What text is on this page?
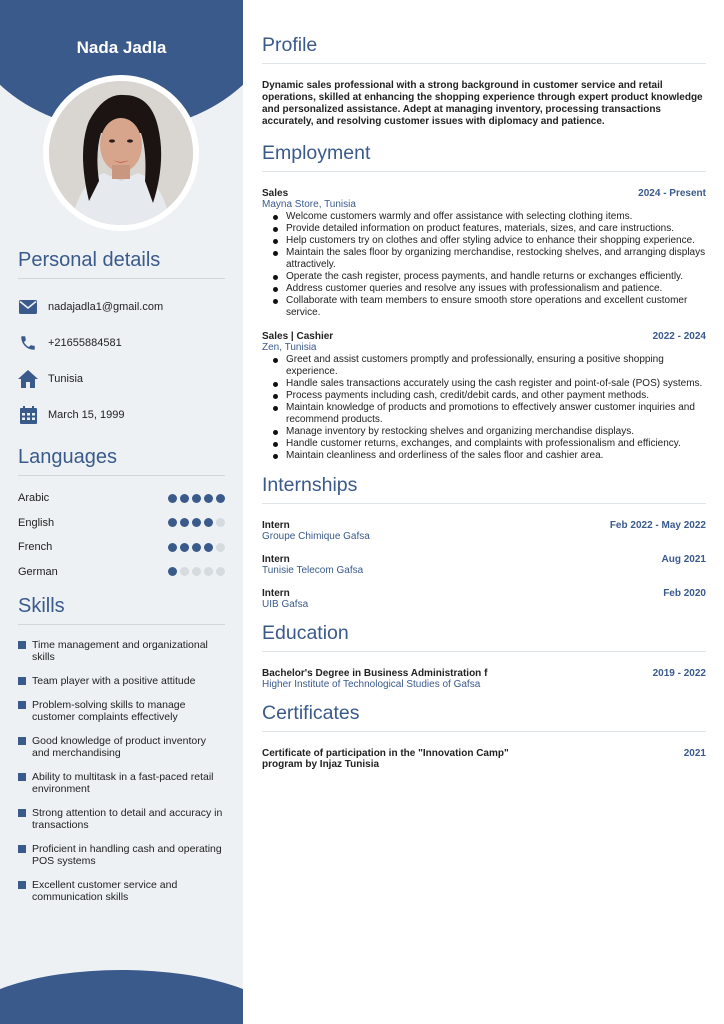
Nada Jadla
Personal details
nadajadla1@gmail.com
+21655884581
Tunisia
March 15, 1999
Languages
Arabic
English
French
German
Skills
Time management and organizational skills
Team player with a positive attitude
Problem-solving skills to manage customer complaints effectively
Good knowledge of product inventory and merchandising
Ability to multitask in a fast-paced retail environment
Strong attention to detail and accuracy in transactions
Proficient in handling cash and operating POS systems
Excellent customer service and communication skills
Profile
Dynamic sales professional with a strong background in customer service and retail operations, skilled at enhancing the shopping experience through expert product knowledge and personalized assistance. Adept at managing inventory, processing transactions accurately, and resolving customer issues with diplomacy and patience.
Employment
Sales	2024 - Present
Mayna Store, Tunisia
Welcome customers warmly and offer assistance with selecting clothing items.
Provide detailed information on product features, materials, sizes, and care instructions.
Help customers try on clothes and offer styling advice to enhance their shopping experience.
Maintain the sales floor by organizing merchandise, restocking shelves, and arranging displays attractively.
Operate the cash register, process payments, and handle returns or exchanges efficiently.
Address customer queries and resolve any issues with professionalism and patience.
Collaborate with team members to ensure smooth store operations and excellent customer service.
Sales | Cashier	2022 - 2024
Zen, Tunisia
Greet and assist customers promptly and professionally, ensuring a positive shopping experience.
Handle sales transactions accurately using the cash register and point-of-sale (POS) systems.
Process payments including cash, credit/debit cards, and other payment methods.
Maintain knowledge of products and promotions to effectively answer customer inquiries and recommend products.
Manage inventory by restocking shelves and organizing merchandise displays.
Handle customer returns, exchanges, and complaints with professionalism and efficiency.
Maintain cleanliness and orderliness of the sales floor and cashier area.
Internships
Intern	Feb 2022 - May 2022
Groupe Chimique Gafsa
Intern	Aug 2021
Tunisie Telecom Gafsa
Intern	Feb 2020
UIB Gafsa
Education
Bachelor's Degree in Business Administration f	2019 - 2022
Higher Institute of Technological Studies of Gafsa
Certificates
Certificate of participation in the "Innovation Camp" program by Injaz Tunisia
2021
